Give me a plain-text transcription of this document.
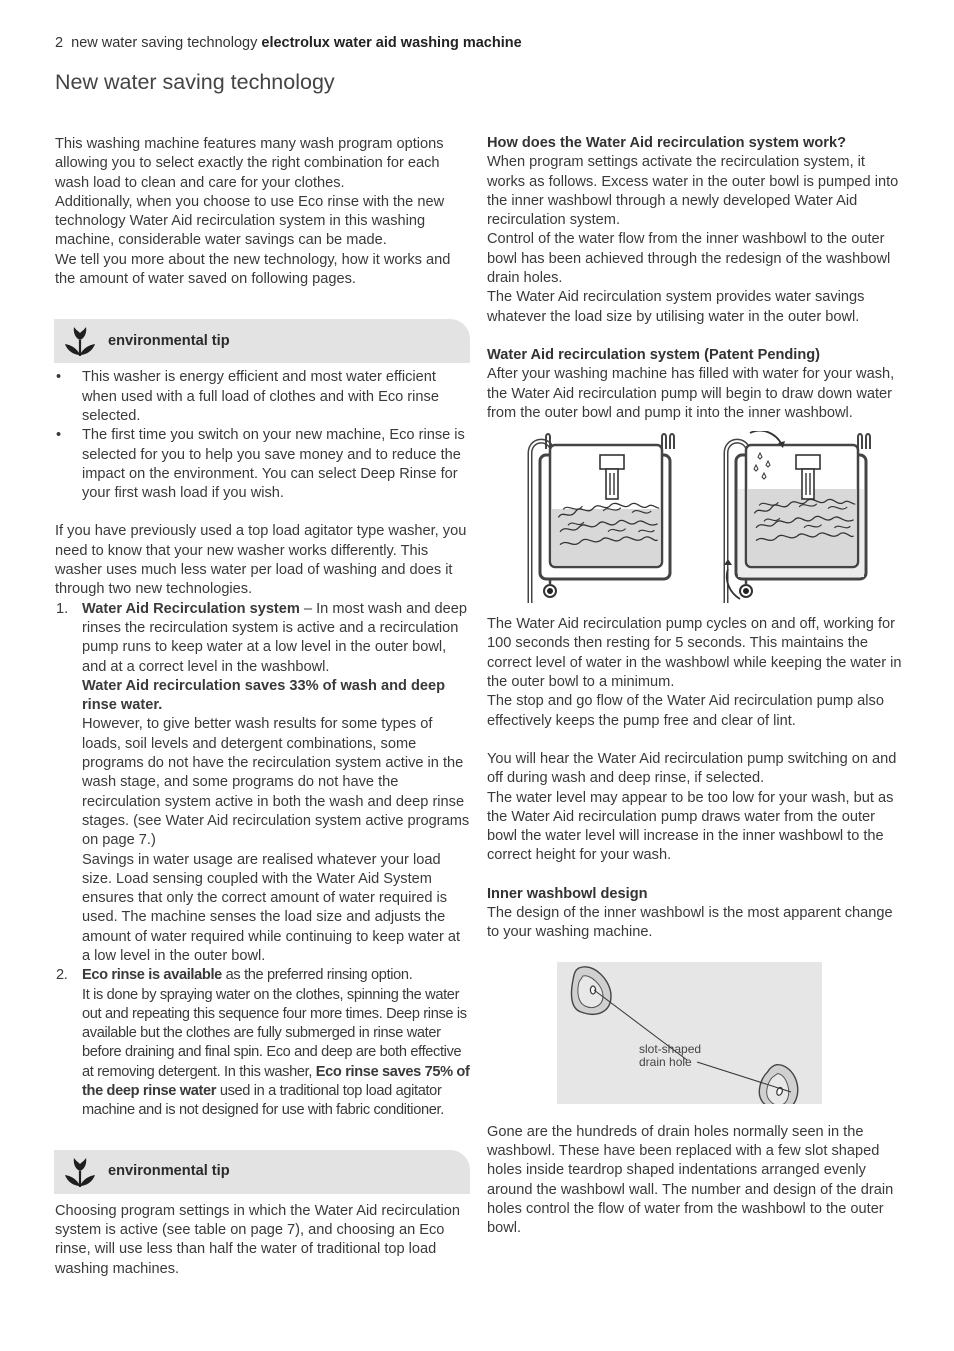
2 new water saving technology electrolux water aid washing machine
New water saving technology

This washing machine features many wash program options allowing you to select exactly the right combination for each wash load to clean and care for your clothes.

Additionally, when you choose to use Eco rinse with the new technology Water Aid recirculation system in this washing machine, considerable water savings can be made.

We tell you more about the new technology, how it works and the amount of water saved on following pages.

environmental tip
• This washer is energy efficient and most water efficient when used with a full load of clothes and with Eco rinse selected.
• The first time you switch on your new machine, Eco rinse is selected for you to help you save money and to reduce the impact on the environment. You can select Deep Rinse for your first wash load if you wish.

If you have previously used a top load agitator type washer, you need to know that your new washer works differently. This washer uses much less water per load of washing and does it through two new technologies.

1. Water Aid Recirculation system – In most wash and deep rinses the recirculation system is active and a recirculation pump runs to keep water at a low level in the outer bowl, and at a correct level in the washbowl.

Water Aid recirculation saves 33% of wash and deep rinse water.

However, to give better wash results for some types of loads, soil levels and detergent combinations, some programs do not have the recirculation system active in the wash stage, and some programs do not have the recirculation system active in both the wash and deep rinse stages. (see Water Aid recirculation system active programs on page 7.)

Savings in water usage are realised whatever your load size. Load sensing coupled with the Water Aid System ensures that only the correct amount of water required is used. The machine senses the load size and adjusts the amount of water required while continuing to keep water at a low level in the outer bowl.

2. Eco rinse is available as the preferred rinsing option.

It is done by spraying water on the clothes, spinning the water out and repeating this sequence four more times. Deep rinse is available but the clothes are fully submerged in rinse water before draining and final spin. Eco and deep are both effective at removing detergent. In this washer, Eco rinse saves 75% of the deep rinse water used in a traditional top load agitator machine and is not designed for use with fabric conditioner.

environmental tip

Choosing program settings in which the Water Aid recirculation system is active (see table on page 7), and choosing an Eco rinse, will use less than half the water of traditional top load washing machines.

How does the Water Aid recirculation system work?

When program settings activate the recirculation system, it works as follows. Excess water in the outer bowl is pumped into the inner washbowl through a newly developed Water Aid recirculation system.

Control of the water flow from the inner washbowl to the outer bowl has been achieved through the redesign of the washbowl drain holes.

The Water Aid recirculation system provides water savings whatever the load size by utilising water in the outer bowl.

Water Aid recirculation system (Patent Pending)

After your washing machine has filled with water for your wash, the Water Aid recirculation pump will begin to draw down water from the outer bowl and pump it into the inner washbowl.

The Water Aid recirculation pump cycles on and off, working for 100 seconds then resting for 5 seconds. This maintains the correct level of water in the washbowl while keeping the water in the outer bowl to a minimum.

The stop and go flow of the Water Aid recirculation pump also effectively keeps the pump free and clear of lint.

You will hear the Water Aid recirculation pump switching on and off during wash and deep rinse, if selected.

The water level may appear to be too low for your wash, but as the Water Aid recirculation pump draws water from the outer bowl the water level will increase in the inner washbowl to the correct height for your wash.

Inner washbowl design

The design of the inner washbowl is the most apparent change to your washing machine.

slot-shaped
drain hole

Gone are the hundreds of drain holes normally seen in the washbowl. These have been replaced with a few slot shaped holes inside teardrop shaped indentations arranged evenly around the washbowl wall. The number and design of the drain holes control the flow of water from the washbowl to the outer bowl.
